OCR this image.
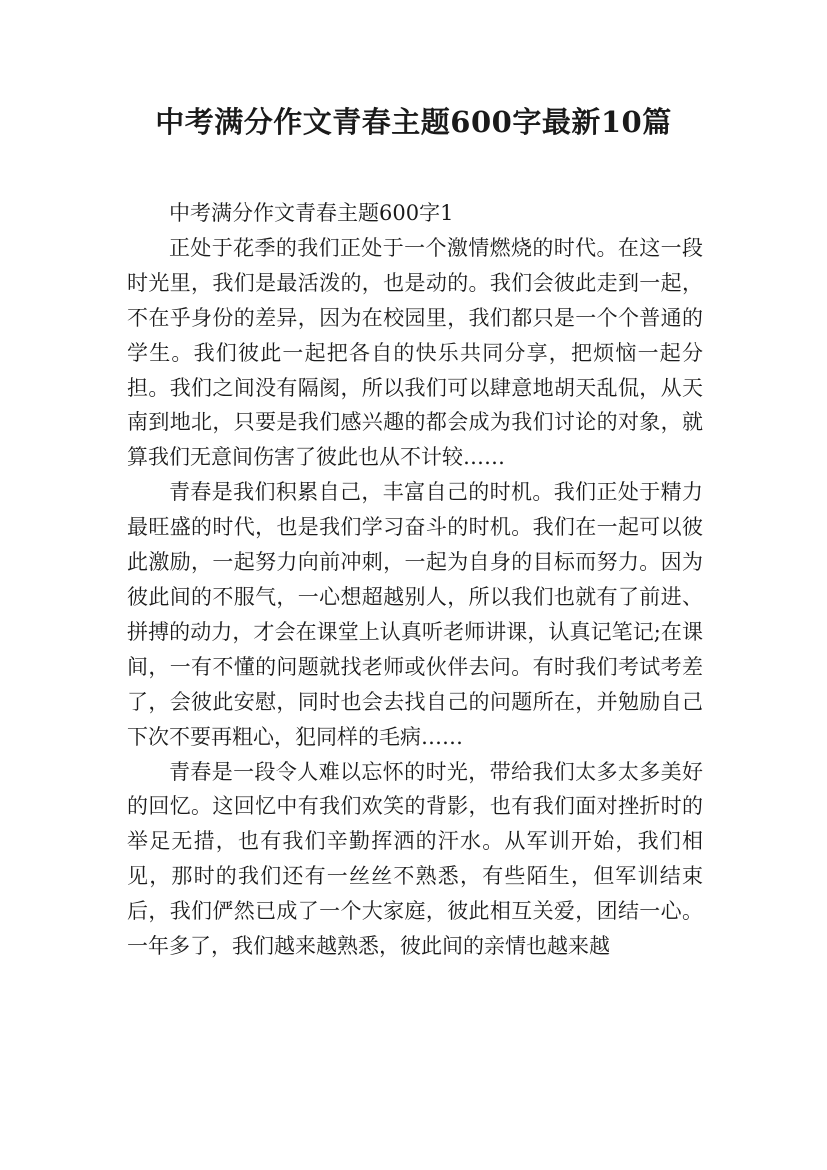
中考满分作文青春主题600字最新10篇

中考满分作文青春主题600字1

正处于花季的我们正处于一个激情燃烧的时代。在这一段时光里，我们是最活泼的，也是动的。我们会彼此走到一起，不在乎身份的差异，因为在校园里，我们都只是一个个普通的学生。我们彼此一起把各自的快乐共同分享，把烦恼一起分担。我们之间没有隔阂，所以我们可以肆意地胡天乱侃，从天南到地北，只要是我们感兴趣的都会成为我们讨论的对象，就算我们无意间伤害了彼此也从不计较……

青春是我们积累自己，丰富自己的时机。我们正处于精力最旺盛的时代，也是我们学习奋斗的时机。我们在一起可以彼此激励，一起努力向前冲刺，一起为自身的目标而努力。因为彼此间的不服气，一心想超越别人，所以我们也就有了前进、拼搏的动力，才会在课堂上认真听老师讲课，认真记笔记;在课间，一有不懂的问题就找老师或伙伴去问。有时我们考试考差了，会彼此安慰，同时也会去找自己的问题所在，并勉励自己下次不要再粗心，犯同样的毛病……

青春是一段令人难以忘怀的时光，带给我们太多太多美好的回忆。这回忆中有我们欢笑的背影，也有我们面对挫折时的举足无措，也有我们辛勤挥洒的汗水。从军训开始，我们相见，那时的我们还有一丝丝不熟悉，有些陌生，但军训结束后，我们俨然已成了一个大家庭，彼此相互关爱，团结一心。一年多了，我们越来越熟悉，彼此间的亲情也越来越
